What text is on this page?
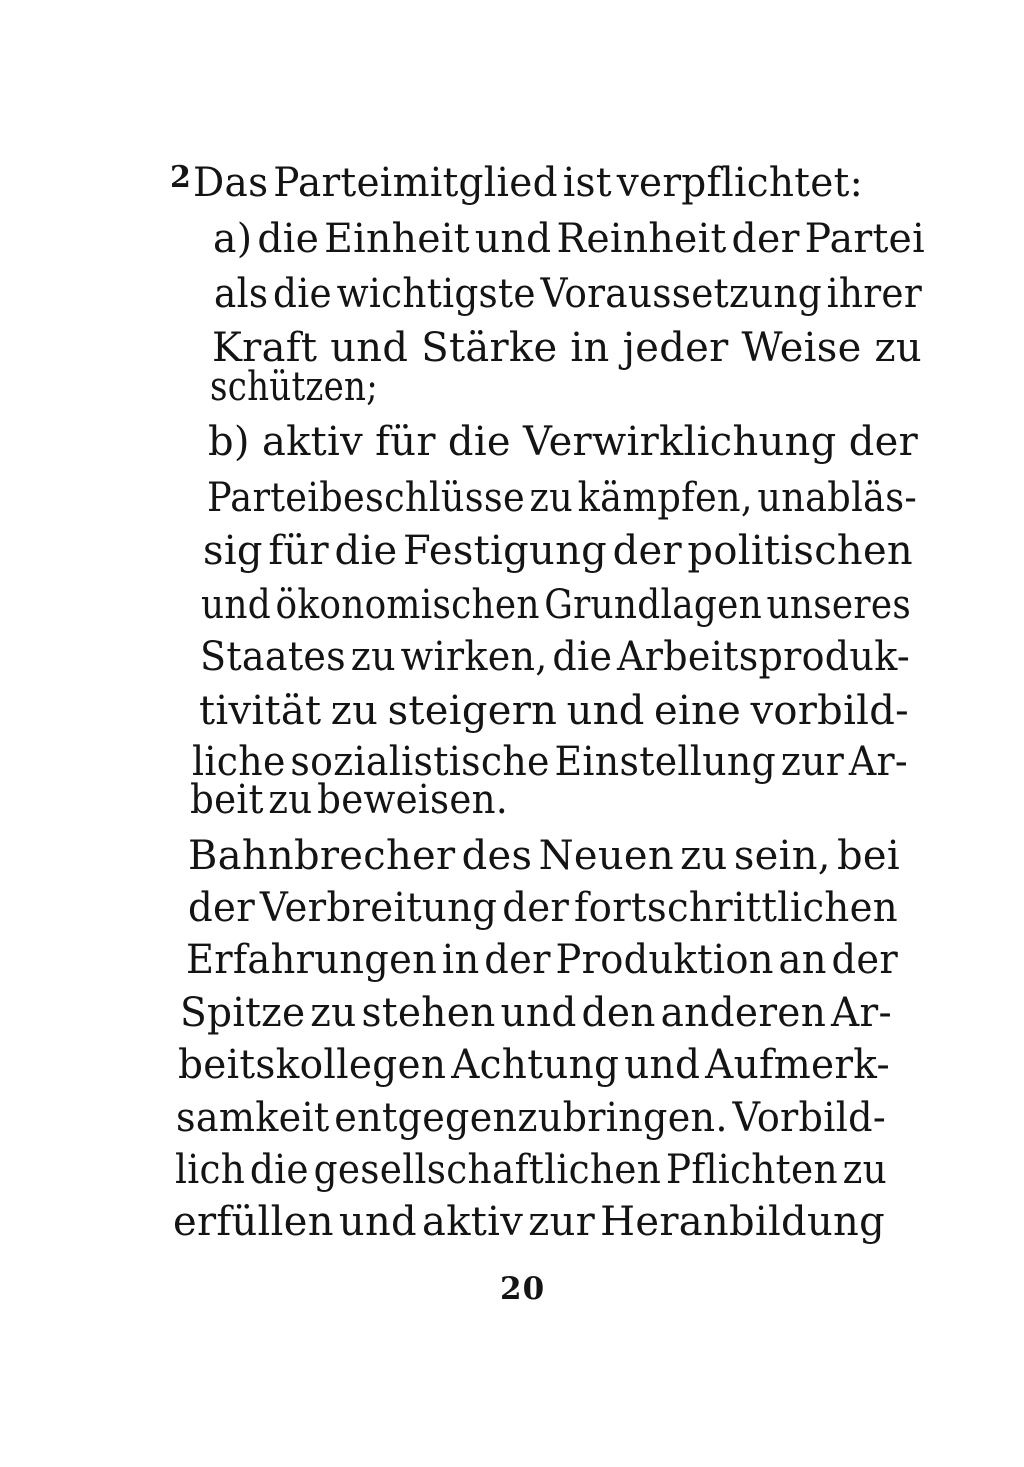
2 Das Parteimitglied ist verpflichtet:
a) die Einheit und Reinheit der Partei
als die wichtigste Voraussetzung ihrer
Kraft und Stärke in jeder Weise zu
schützen;
b) aktiv für die Verwirklichung der
Parteibeschlüsse zu kämpfen, unabläs-
sig für die Festigung der politischen
und ökonomischen Grundlagen unseres
Staates zu wirken, die Arbeitsproduk-
tivität zu steigern und eine vorbild-
liche sozialistische Einstellung zur Ar-
beit zu beweisen.
Bahnbrecher des Neuen zu sein, bei
der Verbreitung der fortschrittlichen
Erfahrungen in der Produktion an der
Spitze zu stehen und den anderen Ar-
beitskollegen Achtung und Aufmerk-
samkeit entgegenzubringen. Vorbild-
lich die gesellschaftlichen Pflichten zu
erfüllen und aktiv zur Heranbildung
20
